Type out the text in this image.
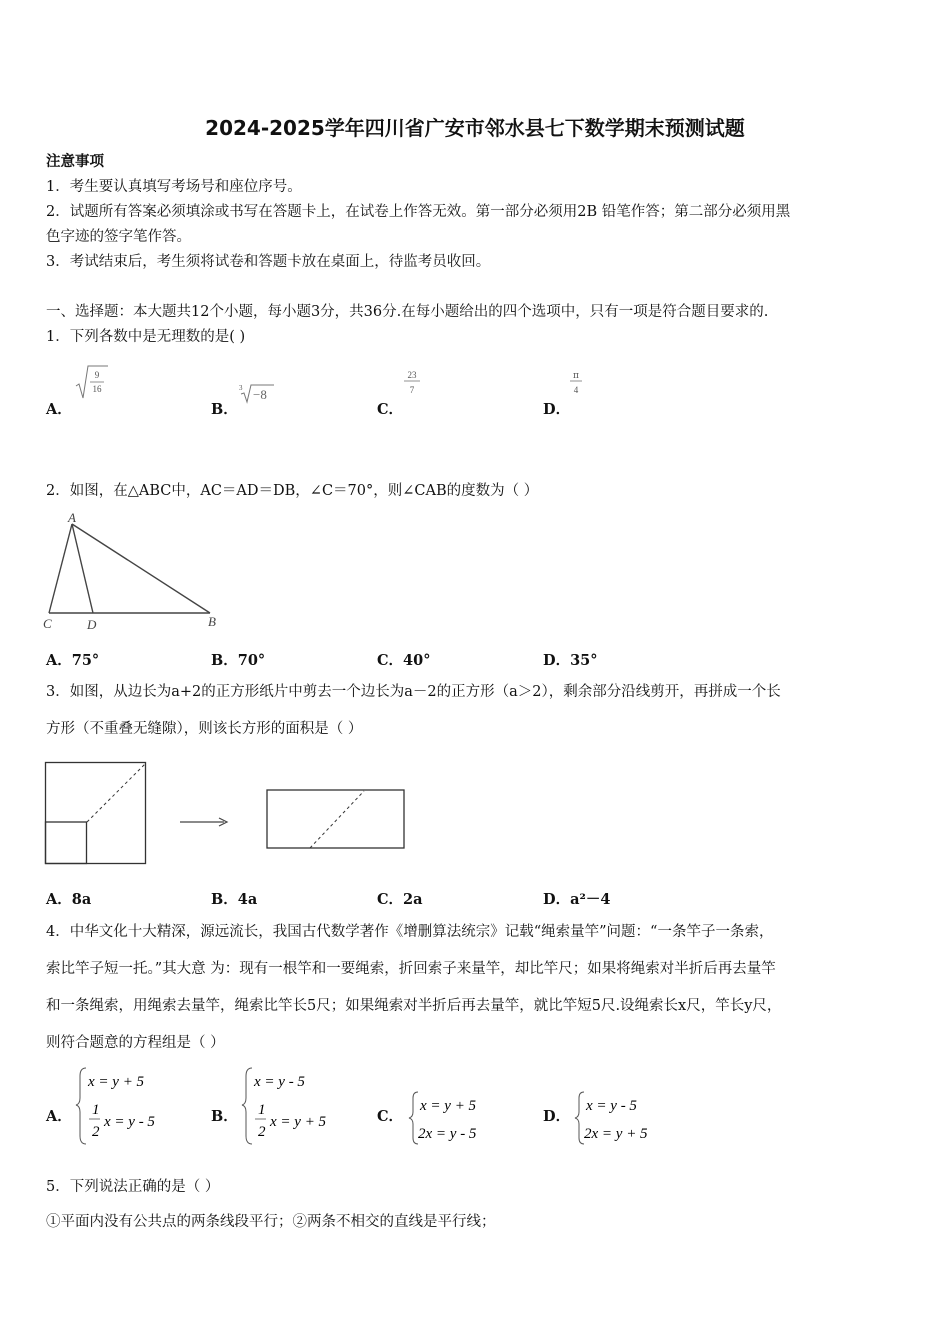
2024-2025学年四川省广安市邻水县七下数学期末预测试题
注意事项
1．考生要认真填写考场号和座位序号。
2．试题所有答案必须填涂或书写在答题卡上，在试卷上作答无效。第一部分必须用2B 铅笔作答；第二部分必须用黑
色字迹的签字笔作答。
3．考试结束后，考生须将试卷和答题卡放在桌面上，待监考员收回。
一、选择题：本大题共12个小题，每小题3分，共36分.在每小题给出的四个选项中，只有一项是符合题目要求的.
1．下列各数中是无理数的是( )
A．
9
16
B．
3 −8
C．
23
7
D．
π
4
2．如图，在△ABC中，AC＝AD＝DB，∠C＝70°，则∠CAB的度数为（ ）
A
C	D	B
A．75°	B．70°	C．40°	D．35°
3．如图，从边长为a+2的正方形纸片中剪去一个边长为a－2的正方形（a＞2），剩余部分沿线剪开，再拼成一个长
方形（不重叠无缝隙），则该长方形的面积是（ ）
A．8a	B．4a	C．2a	D．a²－4
4．中华文化十大精深，源远流长，我国古代数学著作《增删算法统宗》记载“绳索量竿”问题：“一条竿子一条索，
索比竿子短一托。”其大意 为：现有一根竿和一要绳索，折回索子来量竿，却比竿尺；如果将绳索对半折后再去量竿
和一条绳索，用绳索去量竿，绳索比竿长5尺；如果绳索对半折后再去量竿，就比竿短5尺.设绳索长x尺，竿长y尺，
则符合题意的方程组是（ ）
A．
x = y + 5
1
2
x = y - 5	B．
x = y - 5
1
2
x = y + 5	C．
x = y + 5
2x = y - 5
D．
x = y - 5
2x = y + 5
5．下列说法正确的是（ ）
①平面内没有公共点的两条线段平行；②两条不相交的直线是平行线；
